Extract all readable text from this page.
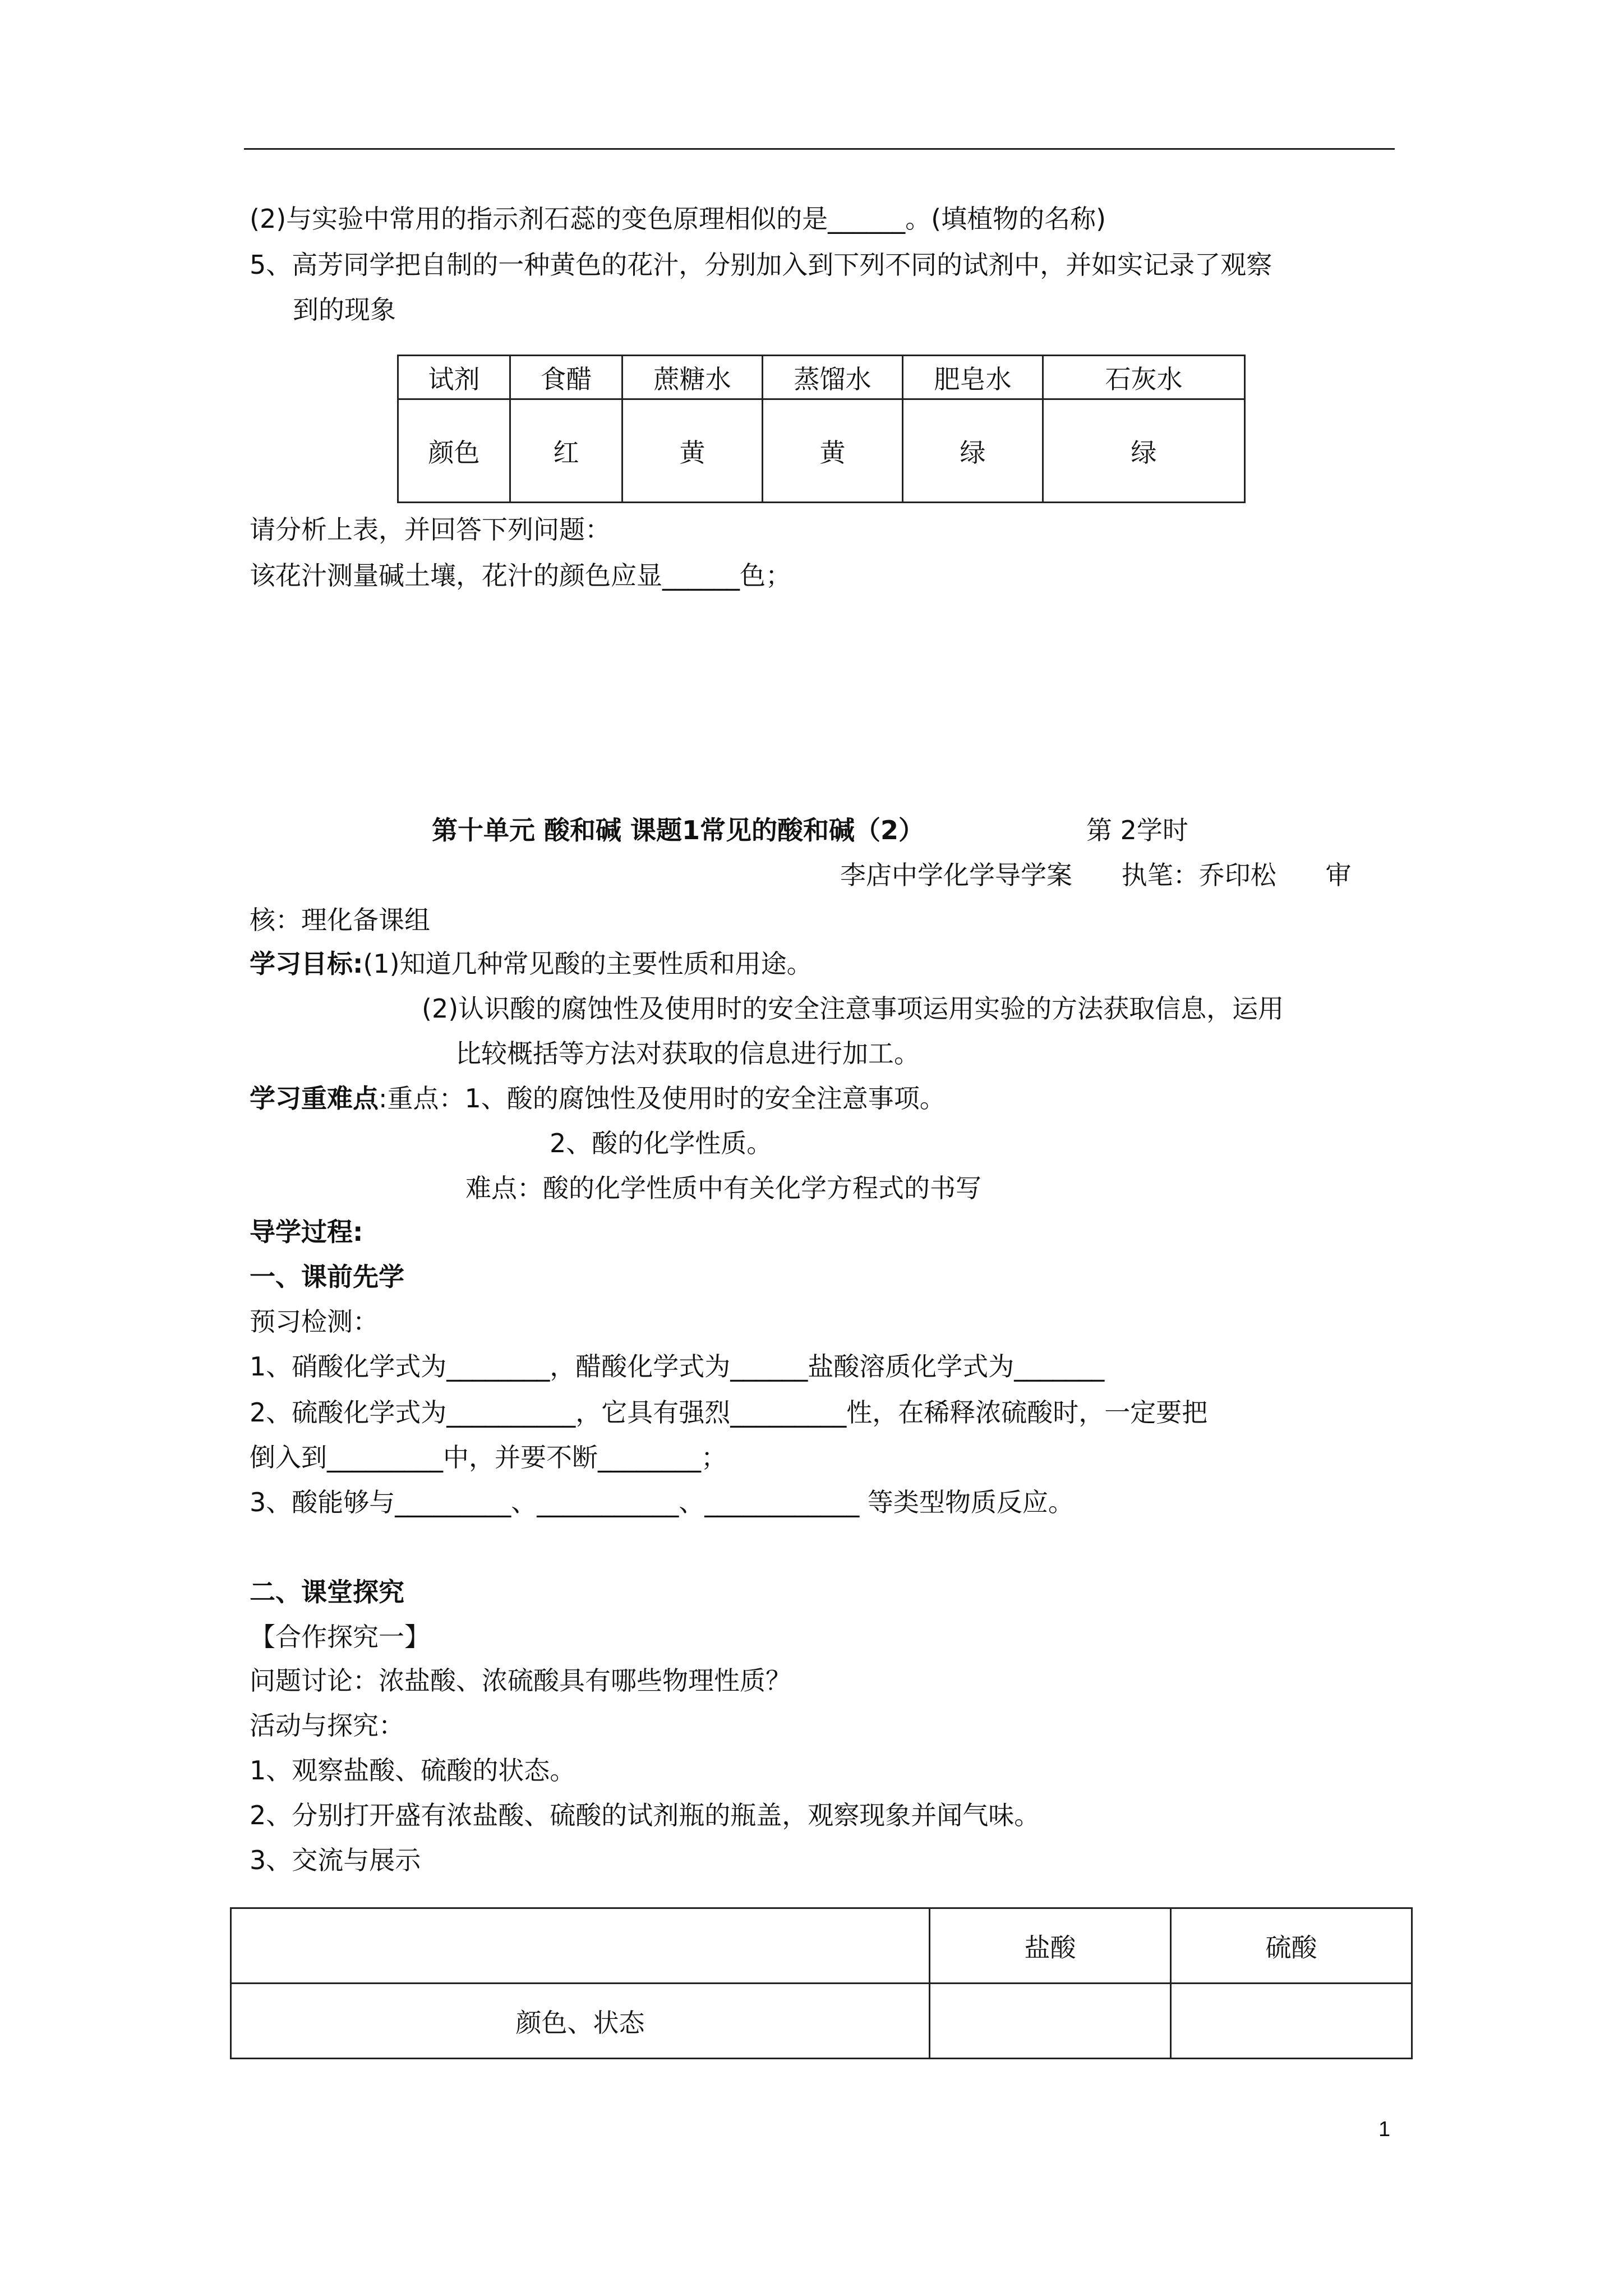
(2)与实验中常用的指示剂石蕊的变色原理相似的是______。(填植物的名称)
5、高芳同学把自制的一种黄色的花汁，分别加入到下列不同的试剂中，并如实记录了观察
到的现象
试剂	食醋	蔗糖水	蒸馏水	肥皂水	石灰水
颜色	红	黄	黄	绿	绿
请分析上表，并回答下列问题：
该花汁测量碱土壤，花汁的颜色应显______色；
第十单元 酸和碱 课题1常见的酸和碱（2）	第 2学时
李店中学化学导学案      执笔：乔印松      审
核：理化备课组
学习目标:(1)知道几种常见酸的主要性质和用途。
(2)认识酸的腐蚀性及使用时的安全注意事项运用实验的方法获取信息，运用
比较概括等方法对获取的信息进行加工。
学习重难点:重点：1、酸的腐蚀性及使用时的安全注意事项。
2、酸的化学性质。
难点：酸的化学性质中有关化学方程式的书写
导学过程:
一、课前先学
预习检测：
1、硝酸化学式为________，醋酸化学式为______盐酸溶质化学式为_______
2、硫酸化学式为__________，它具有强烈_________性，在稀释浓硫酸时，一定要把
倒入到_________中，并要不断________；
3、酸能够与_________、___________、____________ 等类型物质反应。
二、课堂探究
【合作探究一】
问题讨论：浓盐酸、浓硫酸具有哪些物理性质？
活动与探究：
1、观察盐酸、硫酸的状态。
2、分别打开盛有浓盐酸、硫酸的试剂瓶的瓶盖，观察现象并闻气味。
3、交流与展示
	盐酸	硫酸
颜色、状态		
1
